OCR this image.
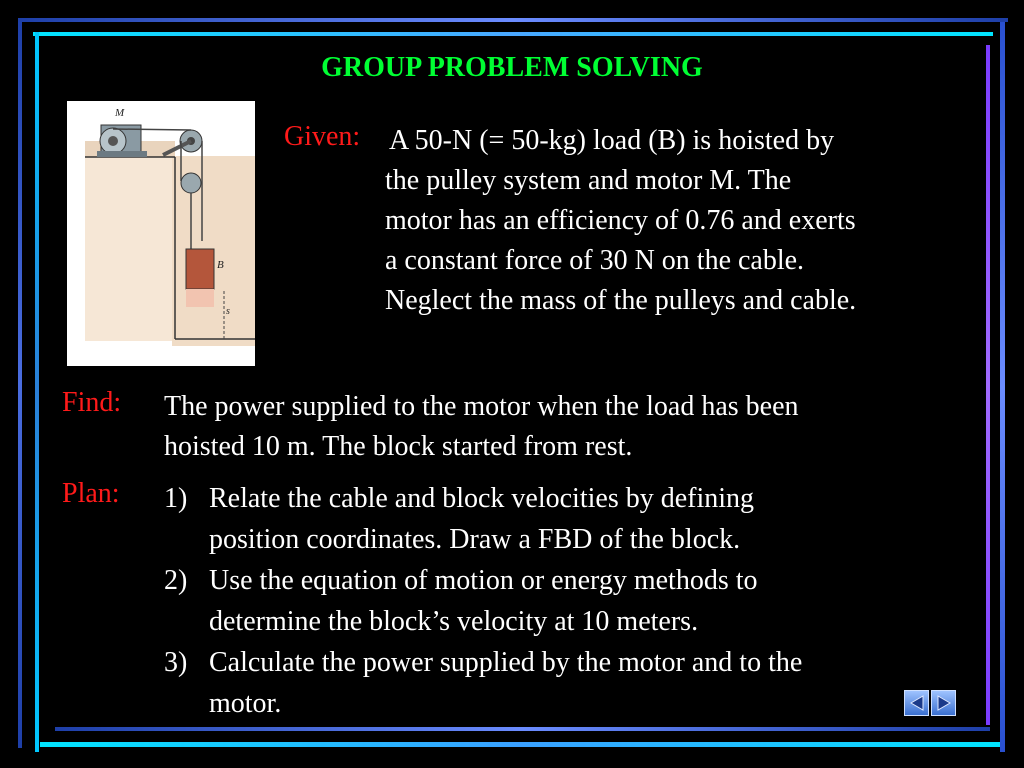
GROUP PROBLEM SOLVING
M
B
s
Given: A 50-N (= 50-kg) load (B) is hoisted by
the pulley system and motor M. The
motor has an efficiency of 0.76 and exerts
a constant force of 30 N on the cable.
Neglect the mass of the pulleys and cable.
Find: The power supplied to the motor when the load has been
hoisted 10 m. The block started from rest.
Plan: 1) Relate the cable and block velocities by defining
position coordinates. Draw a FBD of the block.
2) Use the equation of motion or energy methods to
determine the block’s velocity at 10 meters.
3) Calculate the power supplied by the motor and to the
motor.
